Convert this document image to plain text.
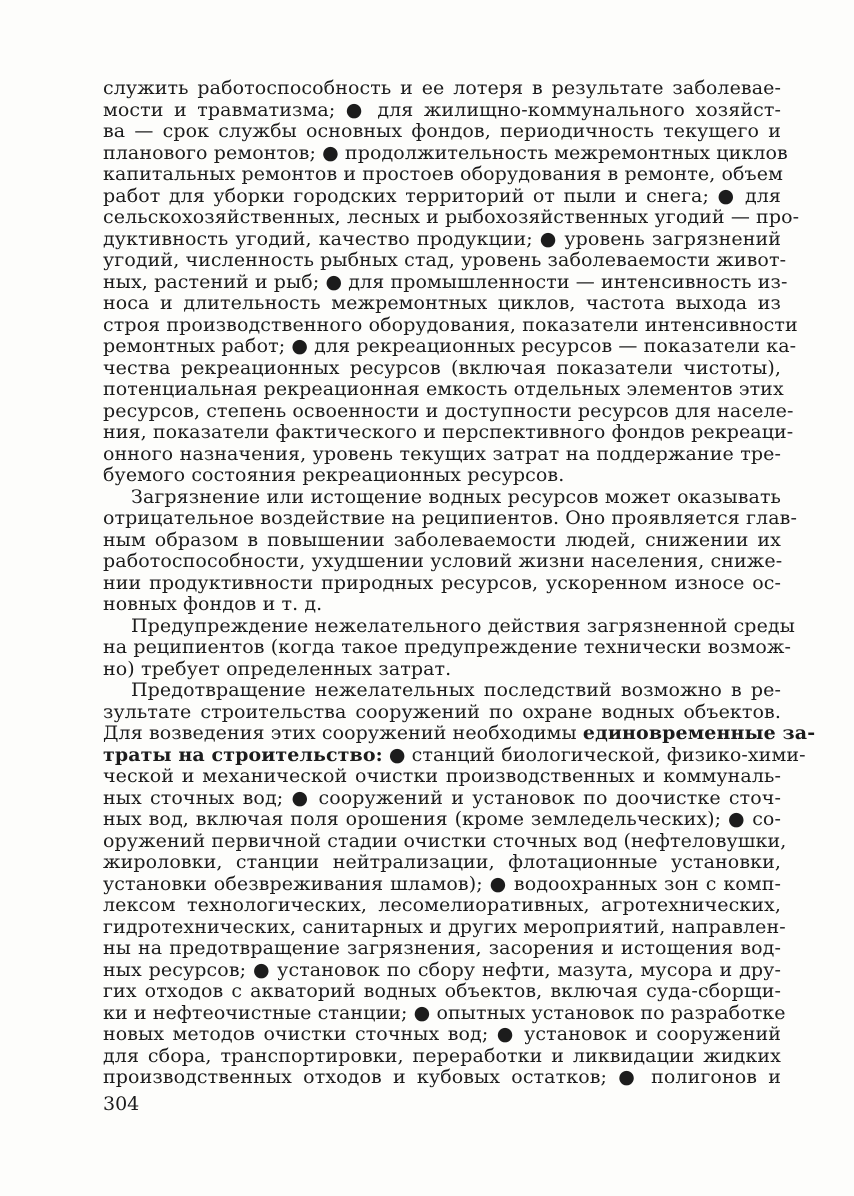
служить работоспособность и ее лотеря в результате заболевае-
мости и травматизма; ● для жилищно-коммунального хозяйст-
ва — срок службы основных фондов, периодичность текущего и
планового ремонтов; ● продолжительность межремонтных циклов
капитальных ремонтов и простоев оборудования в ремонте, объем
работ для уборки городских территорий от пыли и снега; ● для
сельскохозяйственных, лесных и рыбохозяйственных угодий — про-
дуктивность угодий, качество продукции; ● уровень загрязнений
угодий, численность рыбных стад, уровень заболеваемости живот-
ных, растений и рыб; ● для промышленности — интенсивность из-
носа и длительность межремонтных циклов, частота выхода из
строя производственного оборудования, показатели интенсивности
ремонтных работ; ● для рекреационных ресурсов — показатели ка-
чества рекреационных ресурсов (включая показатели чистоты),
потенциальная рекреационная емкость отдельных элементов этих
ресурсов, степень освоенности и доступности ресурсов для населе-
ния, показатели фактического и перспективного фондов рекреаци-
онного назначения, уровень текущих затрат на поддержание тре-
буемого состояния рекреационных ресурсов.
Загрязнение или истощение водных ресурсов может оказывать
отрицательное воздействие на реципиентов. Оно проявляется глав-
ным образом в повышении заболеваемости людей, снижении их
работоспособности, ухудшении условий жизни населения, сниже-
нии продуктивности природных ресурсов, ускоренном износе ос-
новных фондов и т. д.
Предупреждение нежелательного действия загрязненной среды
на реципиентов (когда такое предупреждение технически возмож-
но) требует определенных затрат.
Предотвращение нежелательных последствий возможно в ре-
зультате строительства сооружений по охране водных объектов.
Для возведения этих сооружений необходимы единовременные за-
траты на строительство: ● станций биологической, физико-хими-
ческой и механической очистки производственных и коммуналь-
ных сточных вод; ● сооружений и установок по доочистке сточ-
ных вод, включая поля орошения (кроме земледельческих); ● со-
оружений первичной стадии очистки сточных вод (нефтеловушки,
жироловки, станции нейтрализации, флотационные установки,
установки обезвреживания шламов); ● водоохранных зон с комп-
лексом технологических, лесомелиоративных, агротехнических,
гидротехнических, санитарных и других мероприятий, направлен-
ны на предотвращение загрязнения, засорения и истощения вод-
ных ресурсов; ● установок по сбору нефти, мазута, мусора и дру-
гих отходов с акваторий водных объектов, включая суда-сборщи-
ки и нефтеочистные станции; ● опытных установок по разработке
новых методов очистки сточных вод; ● установок и сооружений
для сбора, транспортировки, переработки и ликвидации жидких
производственных отходов и кубовых остатков; ● полигонов и
304
